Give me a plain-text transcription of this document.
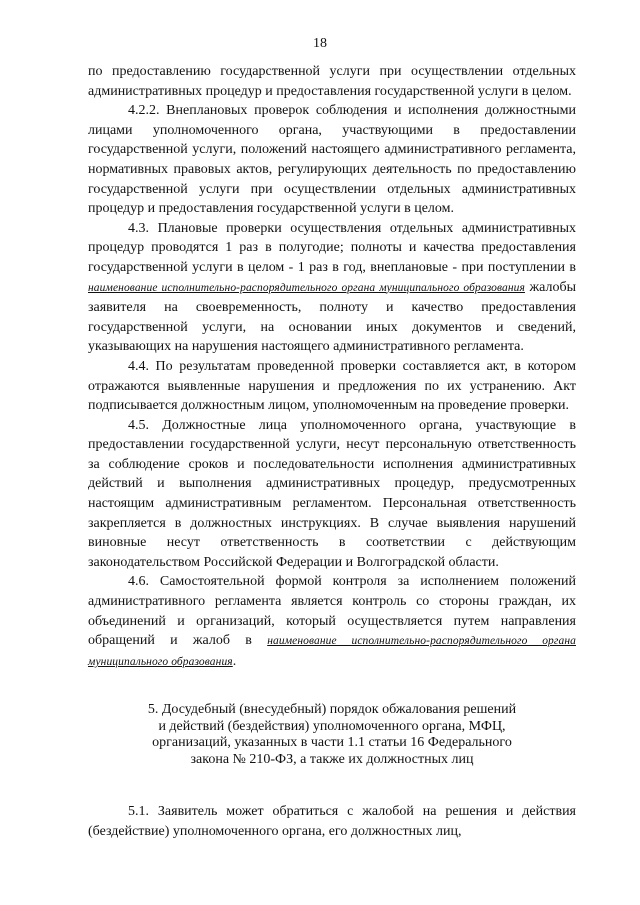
18

по предоставлению государственной услуги при осуществлении отдельных административных процедур и предоставления государственной услуги в целом.

4.2.2. Внеплановых проверок соблюдения и исполнения должностными лицами уполномоченного органа, участвующими в предоставлении государственной услуги, положений настоящего административного регламента, нормативных правовых актов, регулирующих деятельность по предоставлению государственной услуги при осуществлении отдельных административных процедур и предоставления государственной услуги в целом.

4.3. Плановые проверки осуществления отдельных административных процедур проводятся 1 раз в полугодие; полноты и качества предоставления государственной услуги в целом - 1 раз в год, внеплановые - при поступлении в наименование исполнительно-распорядительного органа муниципального образования жалобы заявителя на своевременность, полноту и качество предоставления государственной услуги, на основании иных документов и сведений, указывающих на нарушения настоящего административного регламента.

4.4. По результатам проведенной проверки составляется акт, в котором отражаются выявленные нарушения и предложения по их устранению. Акт подписывается должностным лицом, уполномоченным на проведение проверки.

4.5. Должностные лица уполномоченного органа, участвующие в предоставлении государственной услуги, несут персональную ответственность за соблюдение сроков и последовательности исполнения административных действий и выполнения административных процедур, предусмотренных настоящим административным регламентом. Персональная ответственность закрепляется в должностных инструкциях. В случае выявления нарушений виновные несут ответственность в соответствии с действующим законодательством Российской Федерации и Волгоградской области.

4.6. Самостоятельной формой контроля за исполнением положений административного регламента является контроль со стороны граждан, их объединений и организаций, который осуществляется путем направления обращений и жалоб в наименование исполнительно-распорядительного органа муниципального образования.

5. Досудебный (внесудебный) порядок обжалования решений
и действий (бездействия) уполномоченного органа, МФЦ,
организаций, указанных в части 1.1 статьи 16 Федерального
закона № 210-ФЗ, а также их должностных лиц

5.1. Заявитель может обратиться с жалобой на решения и действия (бездействие) уполномоченного органа, его должностных лиц,
